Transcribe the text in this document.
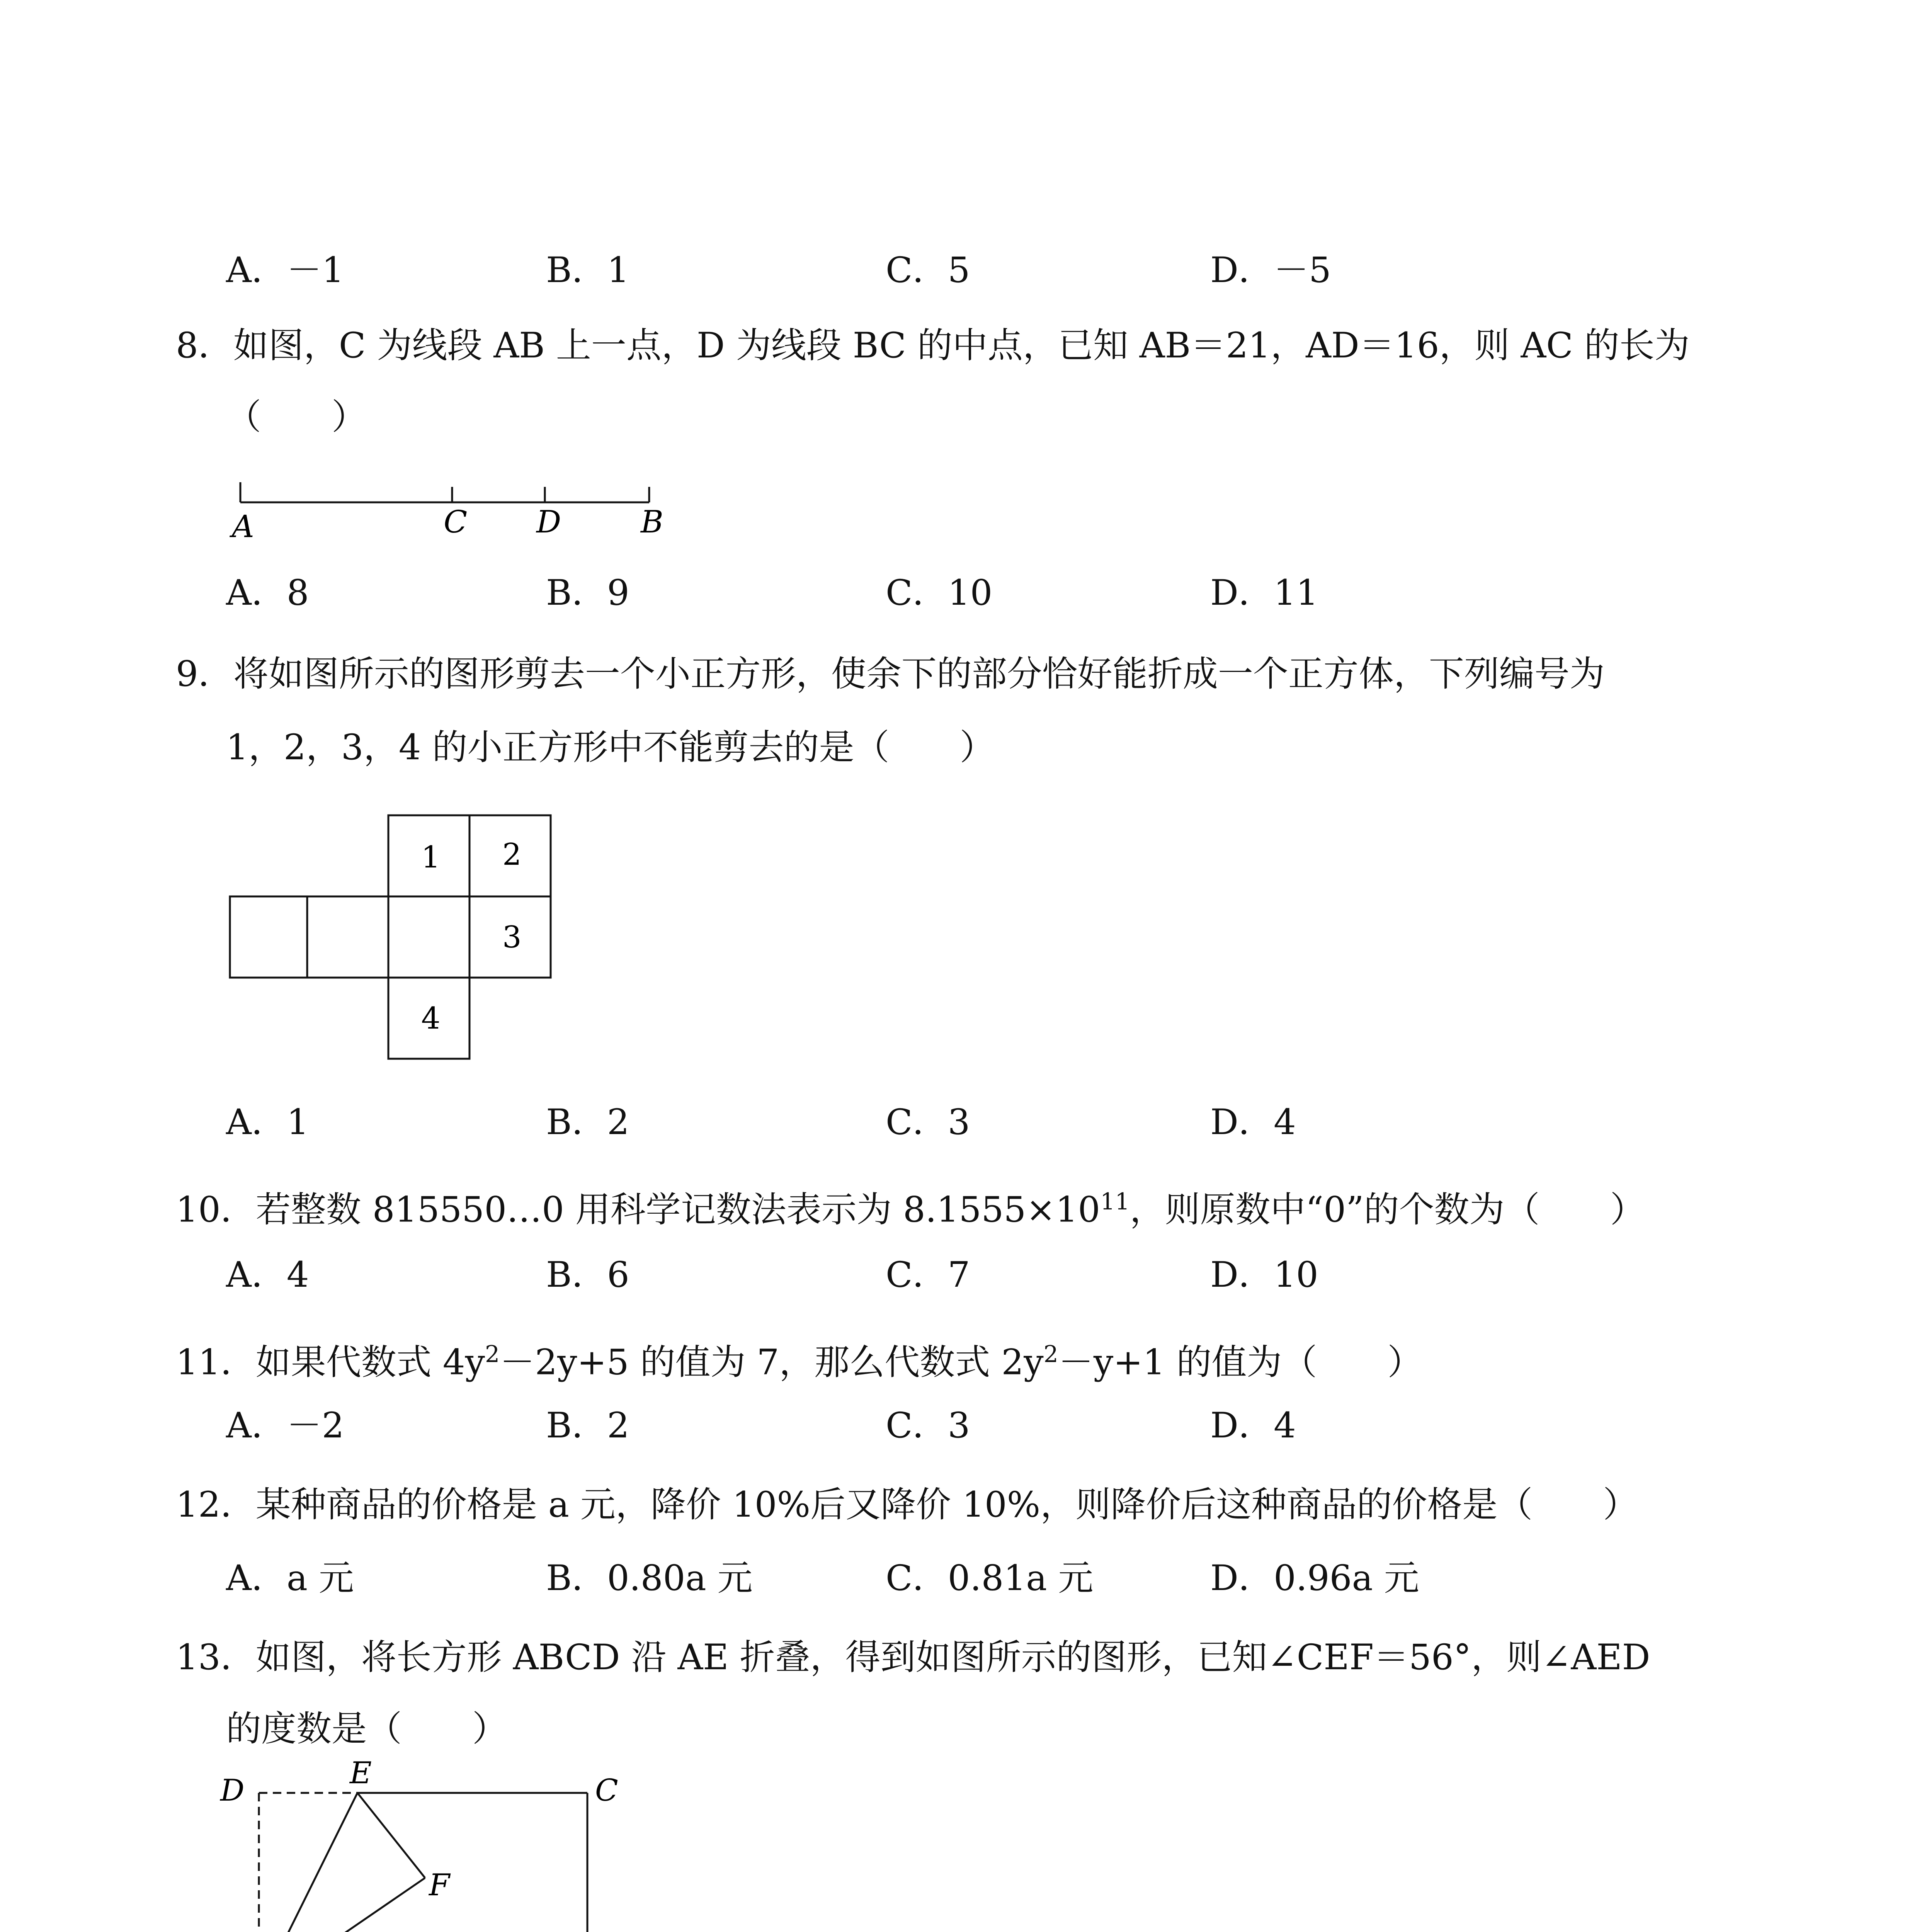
A．－1	B．1	C．5	D．－5
8．如图，C 为线段 AB 上一点，D 为线段 BC 的中点，已知 AB＝21，AD＝16，则 AC 的长为
（　　）
A	C D	B
A．8	B．9	C．10	D．11
9．将如图所示的图形剪去一个小正方形，使余下的部分恰好能折成一个正方体，下列编号为
1，2，3，4 的小正方形中不能剪去的是（　　）
1 2
3
4
A．1	B．2	C．3	D．4
10．若整数 815550…0 用科学记数法表示为 $8.1555\times 10^{11}$，则原数中“0”的个数为（　　）
A．4	B．6	C．7	D．10
11．如果代数式 $4y^2-2y+5$ 的值为 7，那么代数式 $2y^2-y+1$ 的值为（　　）
A．－2	B．2	C．3	D．4
12．某种商品的价格是 a 元，降价 10%后又降价 10%，则降价后这种商品的价格是（　　）
A．a 元	B．0.80a 元	C．0.81a 元	D．0.96a 元
13．如图，将长方形 ABCD 沿 AE 折叠，得到如图所示的图形，已知∠CEF＝56°，则∠AED
的度数是（　　）
D	E	C
F
